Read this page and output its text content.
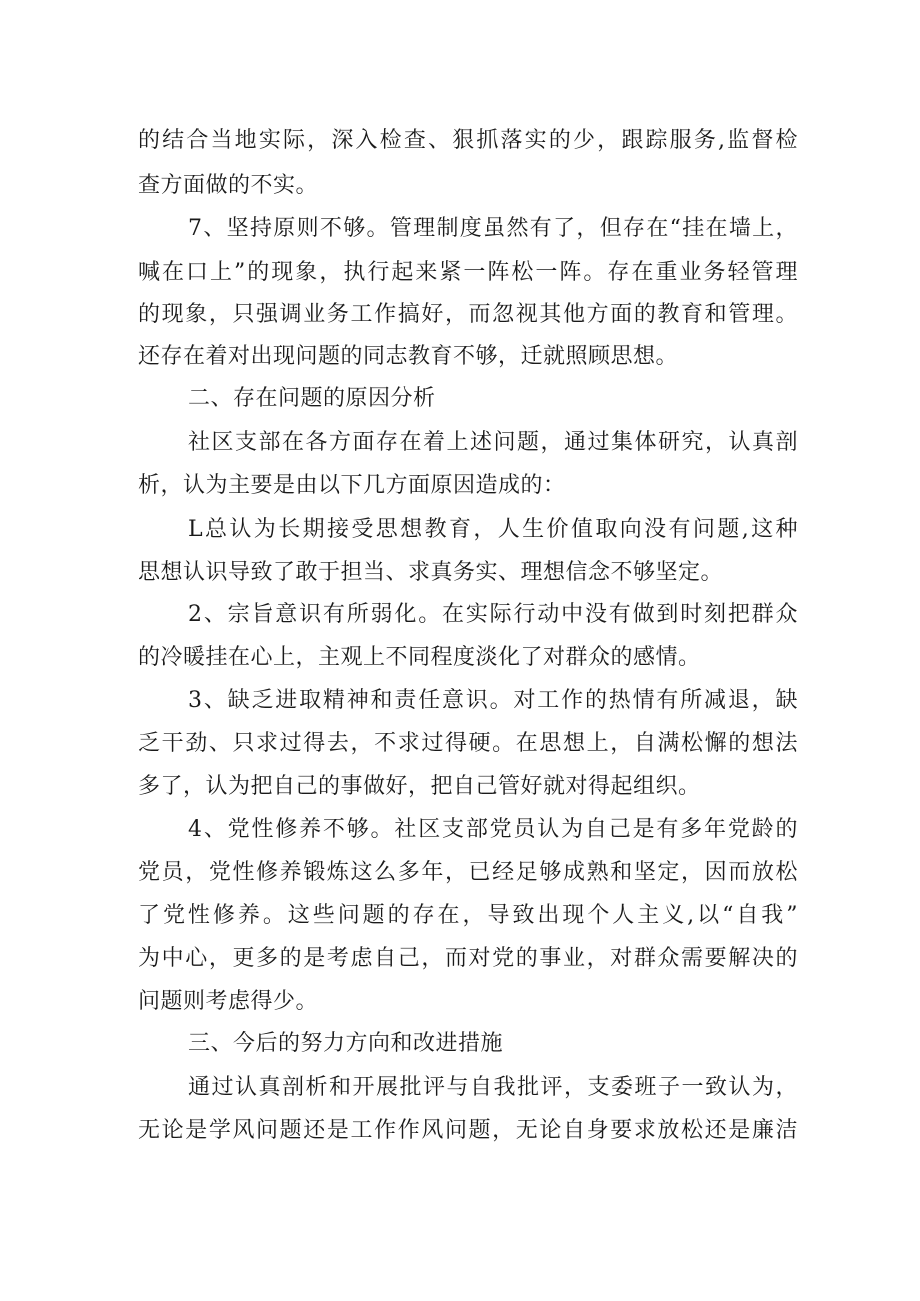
的结合当地实际，深入检查、狠抓落实的少，跟踪服务,监督检
查方面做的不实。
7、坚持原则不够。管理制度虽然有了，但存在“挂在墙上，
喊在口上”的现象，执行起来紧一阵松一阵。存在重业务轻管理
的现象，只强调业务工作搞好，而忽视其他方面的教育和管理。
还存在着对出现问题的同志教育不够，迁就照顾思想。
二、存在问题的原因分析
社区支部在各方面存在着上述问题，通过集体研究，认真剖
析，认为主要是由以下几方面原因造成的：
L总认为长期接受思想教育，人生价值取向没有问题,这种
思想认识导致了敢于担当、求真务实、理想信念不够坚定。
2、宗旨意识有所弱化。在实际行动中没有做到时刻把群众
的冷暖挂在心上，主观上不同程度淡化了对群众的感情。
3、缺乏进取精神和责任意识。对工作的热情有所减退，缺
乏干劲、只求过得去，不求过得硬。在思想上，自满松懈的想法
多了，认为把自己的事做好，把自己管好就对得起组织。
4、党性修养不够。社区支部党员认为自己是有多年党龄的
党员，党性修养锻炼这么多年，已经足够成熟和坚定，因而放松
了党性修养。这些问题的存在，导致出现个人主义,以“自我”
为中心，更多的是考虑自己，而对党的事业，对群众需要解决的
问题则考虑得少。
三、今后的努力方向和改进措施
通过认真剖析和开展批评与自我批评，支委班子一致认为，
无论是学风问题还是工作作风问题，无论自身要求放松还是廉洁
